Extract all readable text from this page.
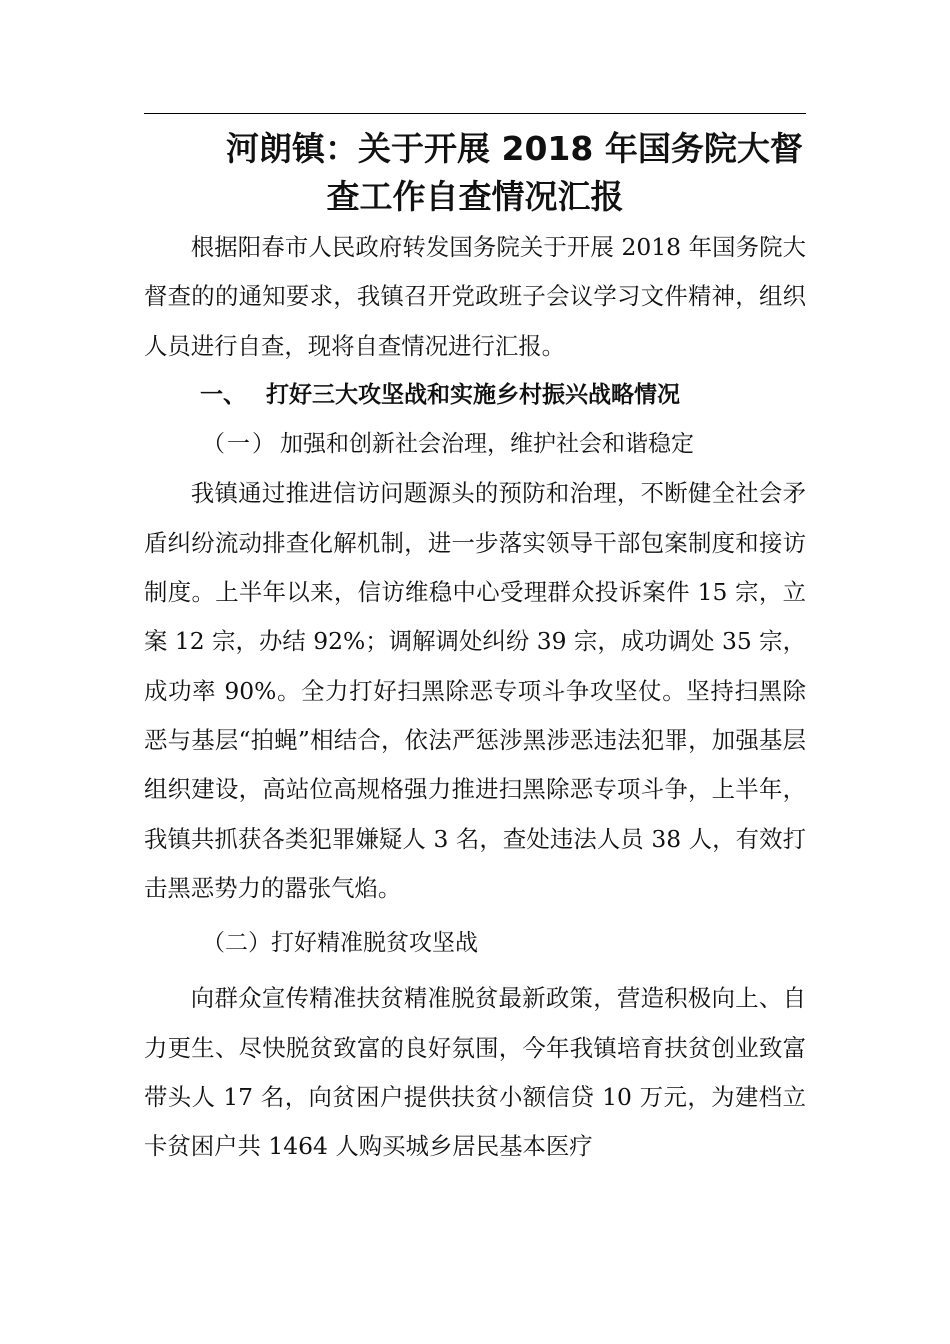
河朗镇：关于开展 2018 年国务院大督
查工作自查情况汇报

根据阳春市人民政府转发国务院关于开展 2018 年国务院大督查的的通知要求，我镇召开党政班子会议学习文件精神，组织人员进行自查，现将自查情况进行汇报。

一、 打好三大攻坚战和实施乡村振兴战略情况

（一） 加强和创新社会治理，维护社会和谐稳定

我镇通过推进信访问题源头的预防和治理，不断健全社会矛盾纠纷流动排查化解机制，进一步落实领导干部包案制度和接访制度。上半年以来，信访维稳中心受理群众投诉案件 15 宗，立案 12 宗，办结 92%；调解调处纠纷 39 宗，成功调处 35 宗，成功率 90%。全力打好扫黑除恶专项斗争攻坚仗。坚持扫黑除恶与基层“拍蝇”相结合，依法严惩涉黑涉恶违法犯罪，加强基层组织建设，高站位高规格强力推进扫黑除恶专项斗争，上半年，我镇共抓获各类犯罪嫌疑人 3 名，查处违法人员 38 人，有效打击黑恶势力的嚣张气焰。

（二）打好精准脱贫攻坚战

向群众宣传精准扶贫精准脱贫最新政策，营造积极向上、自力更生、尽快脱贫致富的良好氛围，今年我镇培育扶贫创业致富带头人 17 名，向贫困户提供扶贫小额信贷 10 万元，为建档立卡贫困户共 1464 人购买城乡居民基本医疗
